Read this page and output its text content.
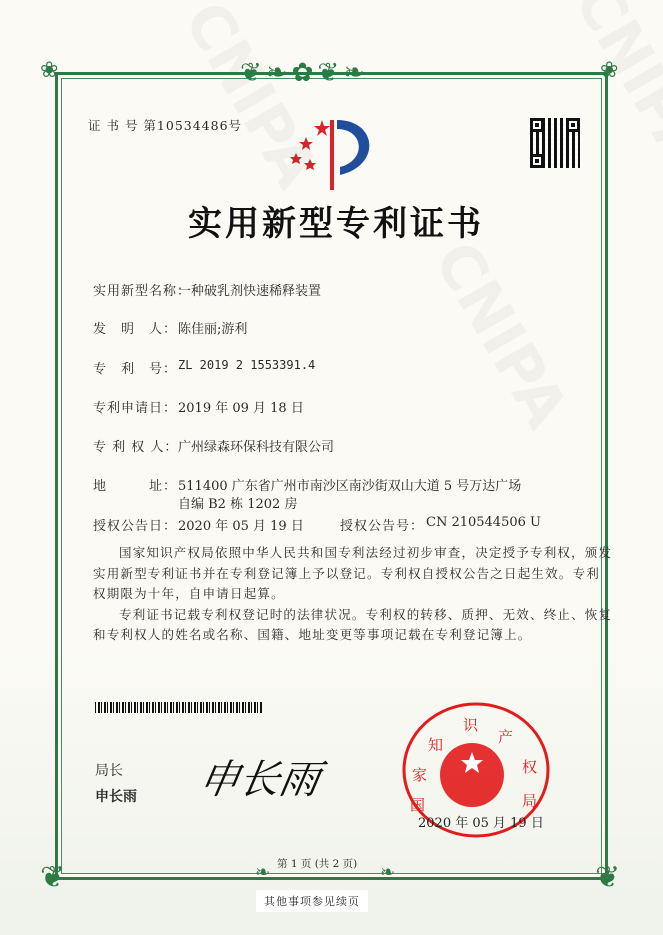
❦❧✿❦❧
❀	❀
❦	❦
❧	❧
证 书 号 第10534486号
实用新型专利证书
实用新型名称：
一种破乳剂快速稀释装置
发　明　人： 陈佳丽;游利
专　利　号： ZL 2019 2 1553391.4
专利申请日： 2019 年 09 月 18 日
专 利 权 人： 广州绿森环保科技有限公司
地　　　址： 511400 广东省广州市南沙区南沙街双山大道 5 号万达广场
自编 B2 栋 1202 房
授权公告日： 2020 年 05 月 19 日	授权公告号： CN 210544506 U

国家知识产权局依照中华人民共和国专利法经过初步审查，决定授予专利权，颁发实用新型专利证书并在专利登记簿上予以登记。专利权自授权公告之日起生效。专利权期限为十年，自申请日起算。

专利证书记载专利权登记时的法律状况。专利权的转移、质押、无效、终止、恢复和专利权人的姓名或名称、国籍、地址变更等事项记载在专利登记簿上。

局长
申长雨 申长雨
国家知识产权局
2020 年 05 月 19 日
第 1 页 (共 2 页)
其他事项参见续页
